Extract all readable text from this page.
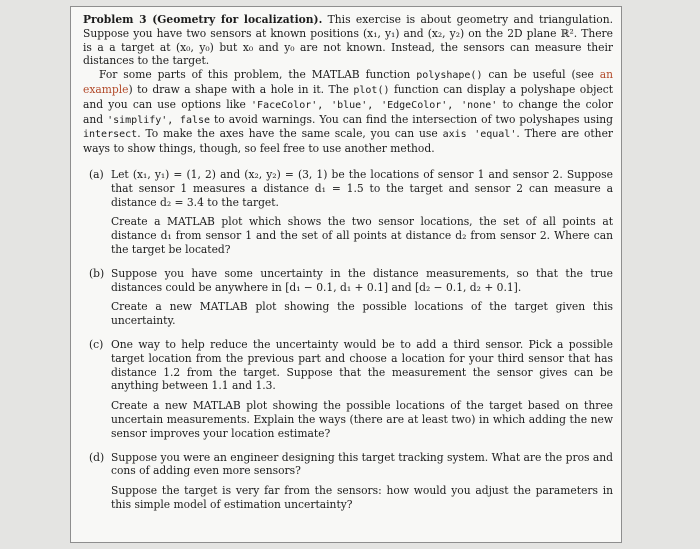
Problem 3 (Geometry for localization). This exercise is about geometry and triangulation. Suppose you have two sensors at known positions (x₁, y₁) and (x₂, y₂) on the 2D plane ℝ². There is a a target at (x₀, y₀) but x₀ and y₀ are not known. Instead, the sensors can measure their distances to the target.

For some parts of this problem, the MATLAB function polyshape() can be useful (see an example) to draw a shape with a hole in it. The plot() function can display a polyshape object and you can use options like 'FaceColor', 'blue', 'EdgeColor', 'none' to change the color and 'simplify', false to avoid warnings. You can find the intersection of two polyshapes using intersect. To make the axes have the same scale, you can use axis 'equal'. There are other ways to show things, though, so feel free to use another method.

(a) Let (x₁, y₁) = (1, 2) and (x₂, y₂) = (3, 1) be the locations of sensor 1 and sensor 2. Suppose that sensor 1 measures a distance d₁ = 1.5 to the target and sensor 2 can measure a distance d₂ = 3.4 to the target.

Create a MATLAB plot which shows the two sensor locations, the set of all points at distance d₁ from sensor 1 and the set of all points at distance d₂ from sensor 2. Where can the target be located?

(b) Suppose you have some uncertainty in the distance measurements, so that the true distances could be anywhere in [d₁ − 0.1, d₁ + 0.1] and [d₂ − 0.1, d₂ + 0.1].

Create a new MATLAB plot showing the possible locations of the target given this uncertainty.

(c) One way to help reduce the uncertainty would be to add a third sensor. Pick a possible target location from the previous part and choose a location for your third sensor that has distance 1.2 from the target. Suppose that the measurement the sensor gives can be anything between 1.1 and 1.3.

Create a new MATLAB plot showing the possible locations of the target based on three uncertain measurements. Explain the ways (there are at least two) in which adding the new sensor improves your location estimate?

(d) Suppose you were an engineer designing this target tracking system. What are the pros and cons of adding even more sensors?

Suppose the target is very far from the sensors: how would you adjust the parameters in this simple model of estimation uncertainty?
